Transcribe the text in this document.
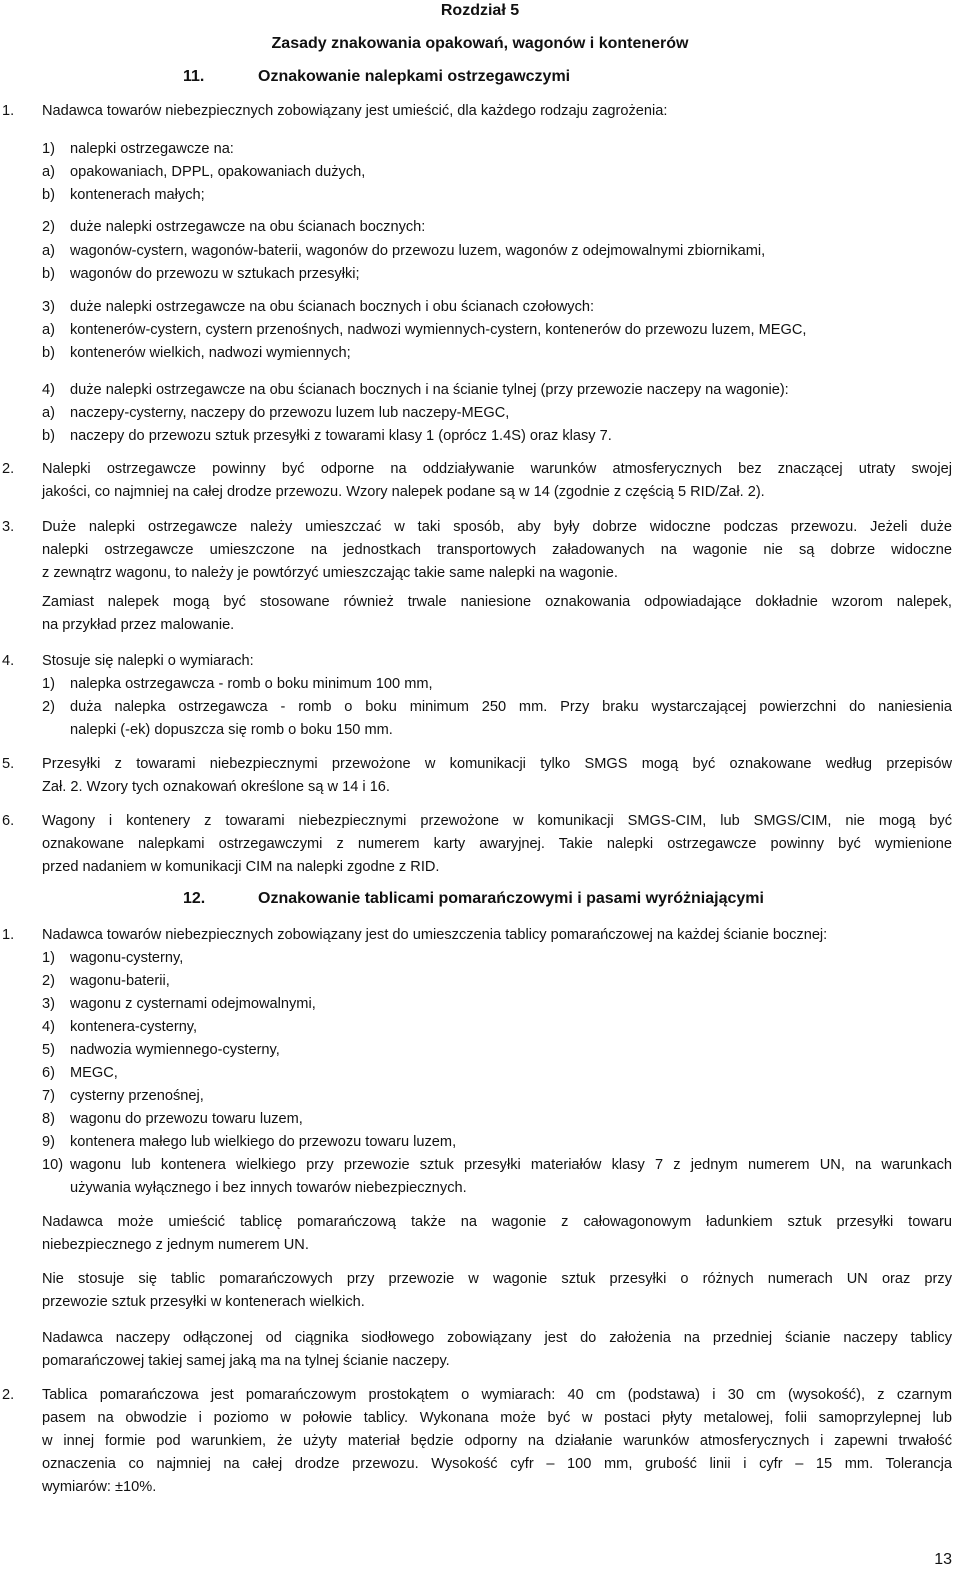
Rozdział 5

Zasady znakowania opakowań, wagonów i kontenerów

11.	Oznakowanie nalepkami ostrzegawczymi
1. Nadawca towarów niebezpiecznych zobowiązany jest umieścić, dla każdego rodzaju zagrożenia:
1) nalepki ostrzegawcze na:
a) opakowaniach, DPPL, opakowaniach dużych,
b) kontenerach małych;
2) duże nalepki ostrzegawcze na obu ścianach bocznych:
a) wagonów-cystern, wagonów-baterii, wagonów do przewozu luzem, wagonów z odejmowalnymi zbiornikami,
b) wagonów do przewozu w sztukach przesyłki;
3) duże nalepki ostrzegawcze na obu ścianach bocznych i obu ścianach czołowych:
a) kontenerów-cystern, cystern przenośnych, nadwozi wymiennych-cystern, kontenerów do przewozu luzem, MEGC,
b) kontenerów wielkich, nadwozi wymiennych;
4) duże nalepki ostrzegawcze na obu ścianach bocznych i na ścianie tylnej (przy przewozie naczepy na wagonie):
a) naczepy-cysterny, naczepy do przewozu luzem lub naczepy-MEGC,
b) naczepy do przewozu sztuk przesyłki z towarami klasy 1 (oprócz 1.4S) oraz klasy 7.
2. Nalepki ostrzegawcze powinny być odporne na oddziaływanie warunków atmosferycznych bez znaczącej utraty swojej
jakości, co najmniej na całej drodze przewozu. Wzory nalepek podane są w 14 (zgodnie z częścią 5 RID/Zał. 2).
3. Duże nalepki ostrzegawcze należy umieszczać w taki sposób, aby były dobrze widoczne podczas przewozu. Jeżeli duże
nalepki ostrzegawcze umieszczone na jednostkach transportowych załadowanych na wagonie nie są dobrze widoczne
z zewnątrz wagonu, to należy je powtórzyć umieszczając takie same nalepki na wagonie.
Zamiast nalepek mogą być stosowane również trwale naniesione oznakowania odpowiadające dokładnie wzorom nalepek,
na przykład przez malowanie.
4. Stosuje się nalepki o wymiarach:
1) nalepka ostrzegawcza - romb o boku minimum 100 mm,
2) duża nalepka ostrzegawcza - romb o boku minimum 250 mm. Przy braku wystarczającej powierzchni do naniesienia
nalepki (-ek) dopuszcza się romb o boku 150 mm.
5. Przesyłki z towarami niebezpiecznymi przewożone w komunikacji tylko SMGS mogą być oznakowane według przepisów
Zał. 2. Wzory tych oznakowań określone są w 14 i 16.
6. Wagony i kontenery z towarami niebezpiecznymi przewożone w komunikacji SMGS-CIM, lub SMGS/CIM, nie mogą być
oznakowane nalepkami ostrzegawczymi z numerem karty awaryjnej. Takie nalepki ostrzegawcze powinny być wymienione
przed nadaniem w komunikacji CIM na nalepki zgodne z RID.
12.	Oznakowanie tablicami pomarańczowymi i pasami wyróżniającymi
1. Nadawca towarów niebezpiecznych zobowiązany jest do umieszczenia tablicy pomarańczowej na każdej ścianie bocznej:
1) wagonu-cysterny,
2) wagonu-baterii,
3) wagonu z cysternami odejmowalnymi,
4) kontenera-cysterny,
5) nadwozia wymiennego-cysterny,
6) MEGC,
7) cysterny przenośnej,
8) wagonu do przewozu towaru luzem,
9) kontenera małego lub wielkiego do przewozu towaru luzem,
10) wagonu lub kontenera wielkiego przy przewozie sztuk przesyłki materiałów klasy 7 z jednym numerem UN, na warunkach
używania wyłącznego i bez innych towarów niebezpiecznych.
Nadawca może umieścić tablicę pomarańczową także na wagonie z całowagonowym ładunkiem sztuk przesyłki towaru
niebezpiecznego z jednym numerem UN.
Nie stosuje się tablic pomarańczowych przy przewozie w wagonie sztuk przesyłki o różnych numerach UN oraz przy
przewozie sztuk przesyłki w kontenerach wielkich.
Nadawca naczepy odłączonej od ciągnika siodłowego zobowiązany jest do założenia na przedniej ścianie naczepy tablicy
pomarańczowej takiej samej jaką ma na tylnej ścianie naczepy.
2. Tablica pomarańczowa jest pomarańczowym prostokątem o wymiarach: 40 cm (podstawa) i 30 cm (wysokość), z czarnym
pasem na obwodzie i poziomo w połowie tablicy. Wykonana może być w postaci płyty metalowej, folii samoprzylepnej lub
w innej formie pod warunkiem, że użyty materiał będzie odporny na działanie warunków atmosferycznych i zapewni trwałość
oznaczenia co najmniej na całej drodze przewozu. Wysokość cyfr – 100 mm, grubość linii i cyfr – 15 mm. Tolerancja
wymiarów: ±10%.
13
